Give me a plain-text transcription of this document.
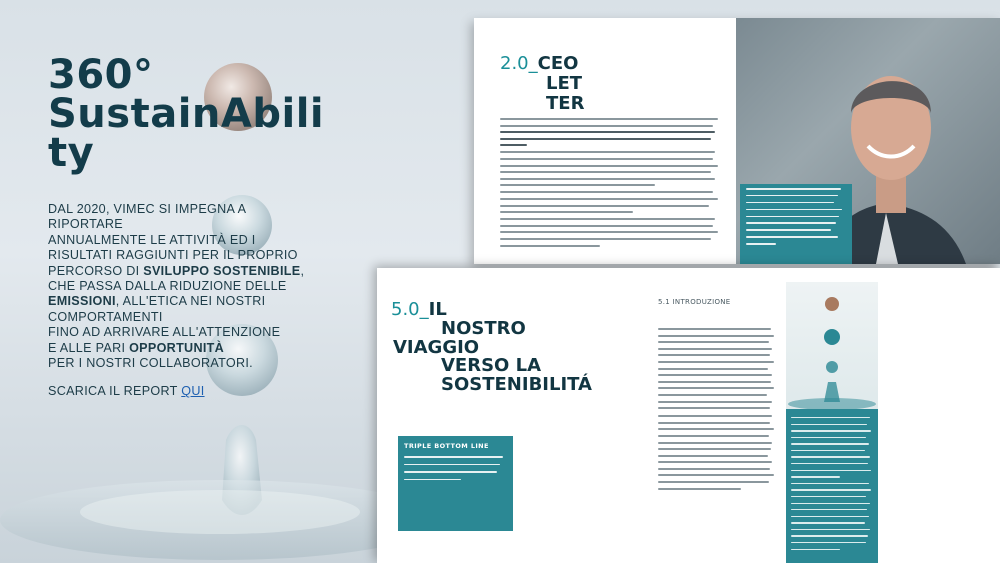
360°
SustainAbili
ty
DAL 2020, VIMEC SI IMPEGNA A
RIPORTARE
ANNUALMENTE LE ATTIVITÀ ED I
RISULTATI RAGGIUNTI PER IL PROPRIO
PERCORSO DI SVILUPPO SOSTENIBILE,
CHE PASSA DALLA RIDUZIONE DELLE
EMISSIONI, ALL'ETICA NEI NOSTRI
COMPORTAMENTI
FINO AD ARRIVARE ALL'ATTENZIONE
E ALLE PARI OPPORTUNITÀ
PER I NOSTRI COLLABORATORI.
SCARICA IL REPORT QUI
2.0_ CEO
LET
TER
5.0_IL
NOSTRO
VIAGGIO
VERSO LA
SOSTENIBILITÁ
5.1 INTRODUZIONE
TRIPLE BOTTOM LINE
